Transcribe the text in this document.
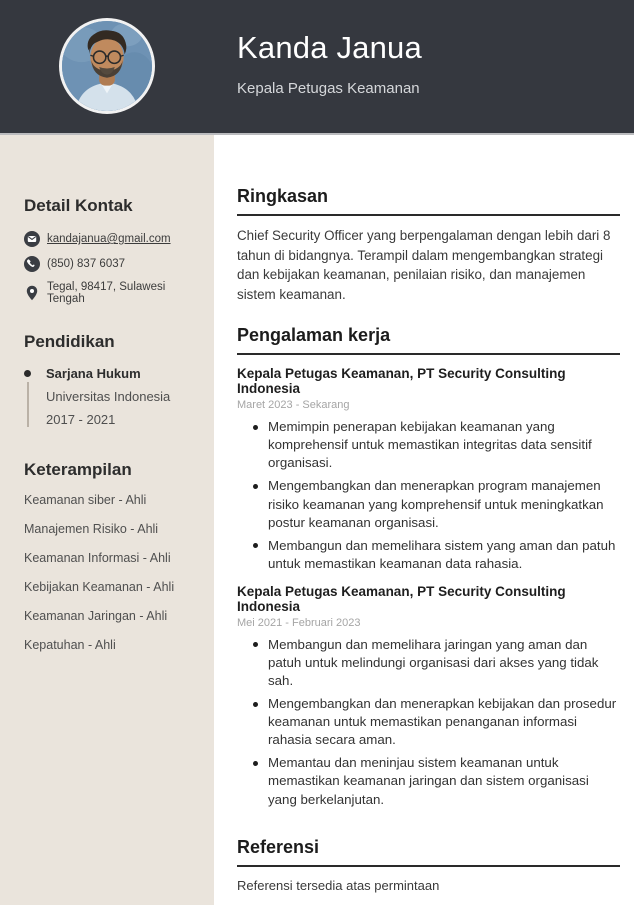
Kanda Janua
Kepala Petugas Keamanan
Detail Kontak
kandajanua@gmail.com
(850) 837 6037
Tegal, 98417, Sulawesi Tengah
Pendidikan
Sarjana Hukum
Universitas Indonesia
2017 - 2021
Keterampilan
Keamanan siber - Ahli
Manajemen Risiko - Ahli
Keamanan Informasi - Ahli
Kebijakan Keamanan - Ahli
Keamanan Jaringan - Ahli
Kepatuhan - Ahli
Ringkasan

Chief Security Officer yang berpengalaman dengan lebih dari 8 tahun di bidangnya. Terampil dalam mengembangkan strategi dan kebijakan keamanan, penilaian risiko, dan manajemen sistem keamanan.

Pengalaman kerja
Kepala Petugas Keamanan, PT Security Consulting Indonesia
Maret 2023 - Sekarang
Memimpin penerapan kebijakan keamanan yang komprehensif untuk memastikan integritas data sensitif organisasi.
Mengembangkan dan menerapkan program manajemen risiko keamanan yang komprehensif untuk meningkatkan postur keamanan organisasi.
Membangun dan memelihara sistem yang aman dan patuh untuk memastikan keamanan data rahasia.
Kepala Petugas Keamanan, PT Security Consulting Indonesia
Mei 2021 - Februari 2023
Membangun dan memelihara jaringan yang aman dan patuh untuk melindungi organisasi dari akses yang tidak sah.
Mengembangkan dan menerapkan kebijakan dan prosedur keamanan untuk memastikan penanganan informasi rahasia secara aman.
Memantau dan meninjau sistem keamanan untuk memastikan keamanan jaringan dan sistem organisasi yang berkelanjutan.
Referensi

Referensi tersedia atas permintaan
